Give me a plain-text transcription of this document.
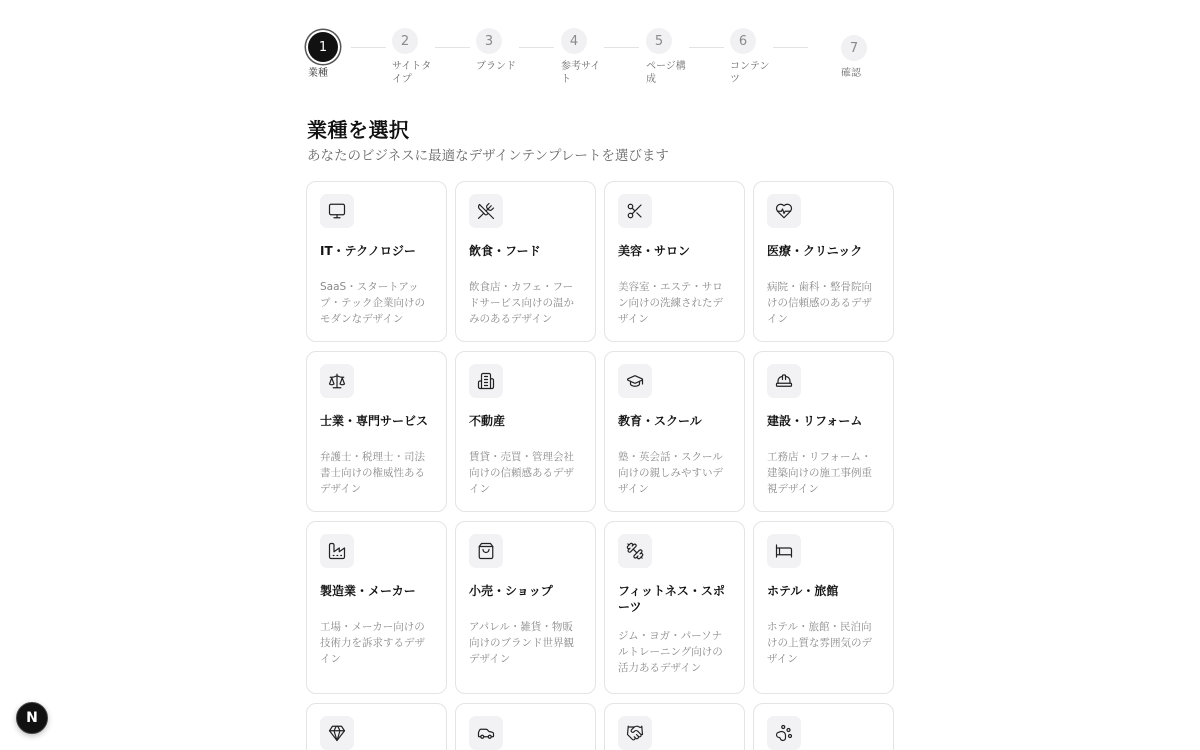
1
業種
2
サイトタイプ
3
ブランド
4
参考サイト
5
ページ構成
6
コンテンツ
7
確認
業種を選択

あなたのビジネスに最適なデザインテンプレートを選びます

IT・テクノロジー
SaaS・スタートアップ・テック企業向けのモダンなデザイン
飲食・フード
飲食店・カフェ・フードサービス向けの温かみのあるデザイン
美容・サロン
美容室・エステ・サロン向けの洗練されたデザイン
医療・クリニック
病院・歯科・整骨院向けの信頼感のあるデザイン
士業・専門サービス
弁護士・税理士・司法書士向けの権威性あるデザイン
不動産
賃貸・売買・管理会社向けの信頼感あるデザイン
教育・スクール
塾・英会話・スクール向けの親しみやすいデザイン
建設・リフォーム
工務店・リフォーム・建築向けの施工事例重視デザイン
製造業・メーカー
工場・メーカー向けの技術力を訴求するデザイン
小売・ショップ
アパレル・雑貨・物販向けのブランド世界観デザイン
フィットネス・スポーツ
ジム・ヨガ・パーソナルトレーニング向けの活力あるデザイン
ホテル・旅館
ホテル・旅館・民泊向けの上質な雰囲気のデザイン
N
